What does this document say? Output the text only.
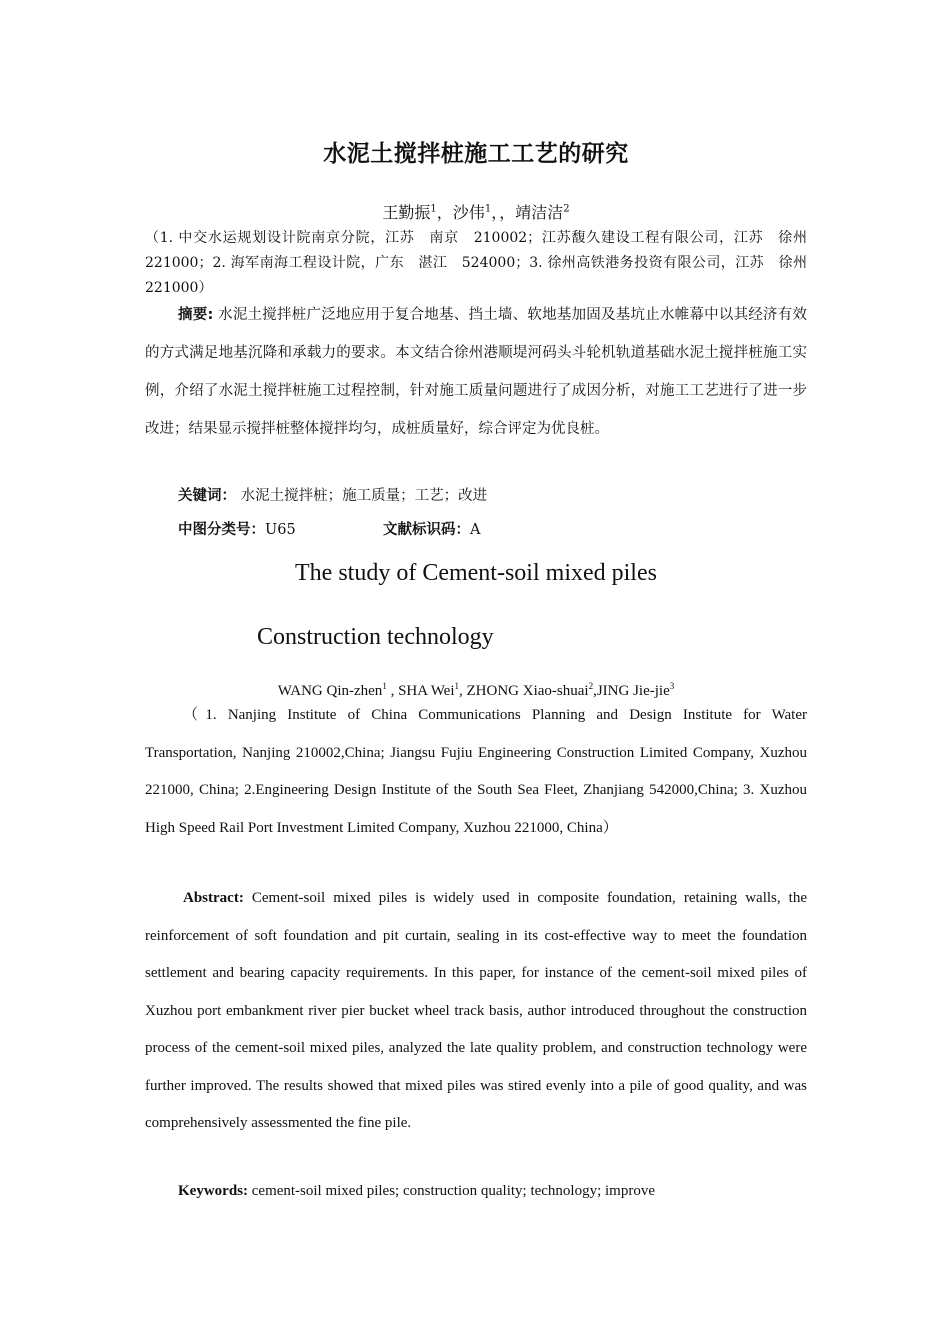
水泥土搅拌桩施工工艺的研究
王勤振$^1$，沙伟$^1$，，靖洁洁$^2$
（1. 中交水运规划设计院南京分院，江苏　南京　210002；江苏馥久建设工程有限公司，江苏　徐州　221000；2. 海军南海工程设计院，广东　湛江　524000；3. 徐州高铁港务投资有限公司，江苏　徐州　221000）
摘要: 水泥土搅拌桩广泛地应用于复合地基、挡土墙、软地基加固及基坑止水帷幕中以其经济有效的方式满足地基沉降和承载力的要求。本文结合徐州港顺堤河码头斗轮机轨道基础水泥土搅拌桩施工实例，介绍了水泥土搅拌桩施工过程控制，针对施工质量问题进行了成因分析，对施工工艺进行了进一步改进；结果显示搅拌桩整体搅拌均匀，成桩质量好，综合评定为优良桩。
关键词： 水泥土搅拌桩；施工质量；工艺；改进
中图分类号：U65	文献标识码：A
The study of Cement-soil mixed piles
Construction technology
WANG Qin-zhen$^1$ , SHA Wei$^1$, ZHONG Xiao-shuai$^2$,JING Jie-jie$^3$
（1. Nanjing Institute of China Communications Planning and Design Institute for Water Transportation, Nanjing 210002,China; Jiangsu Fujiu Engineering Construction Limited Company, Xuzhou 221000, China; 2.Engineering Design Institute of the South Sea Fleet, Zhanjiang 542000,China; 3. Xuzhou High Speed Rail Port Investment Limited Company, Xuzhou 221000, China）
Abstract: Cement-soil mixed piles is widely used in composite foundation, retaining walls, the reinforcement of soft foundation and pit curtain, sealing in its cost-effective way to meet the foundation settlement and bearing capacity requirements. In this paper, for instance of the cement-soil mixed piles of Xuzhou port embankment river pier bucket wheel track basis, author introduced throughout the construction process of the cement-soil mixed piles, analyzed the late quality problem, and construction technology were further improved. The results showed that mixed piles was stired evenly into a pile of good quality, and was comprehensively assessmented the fine pile.
Keywords: cement-soil mixed piles; construction quality; technology; improve
